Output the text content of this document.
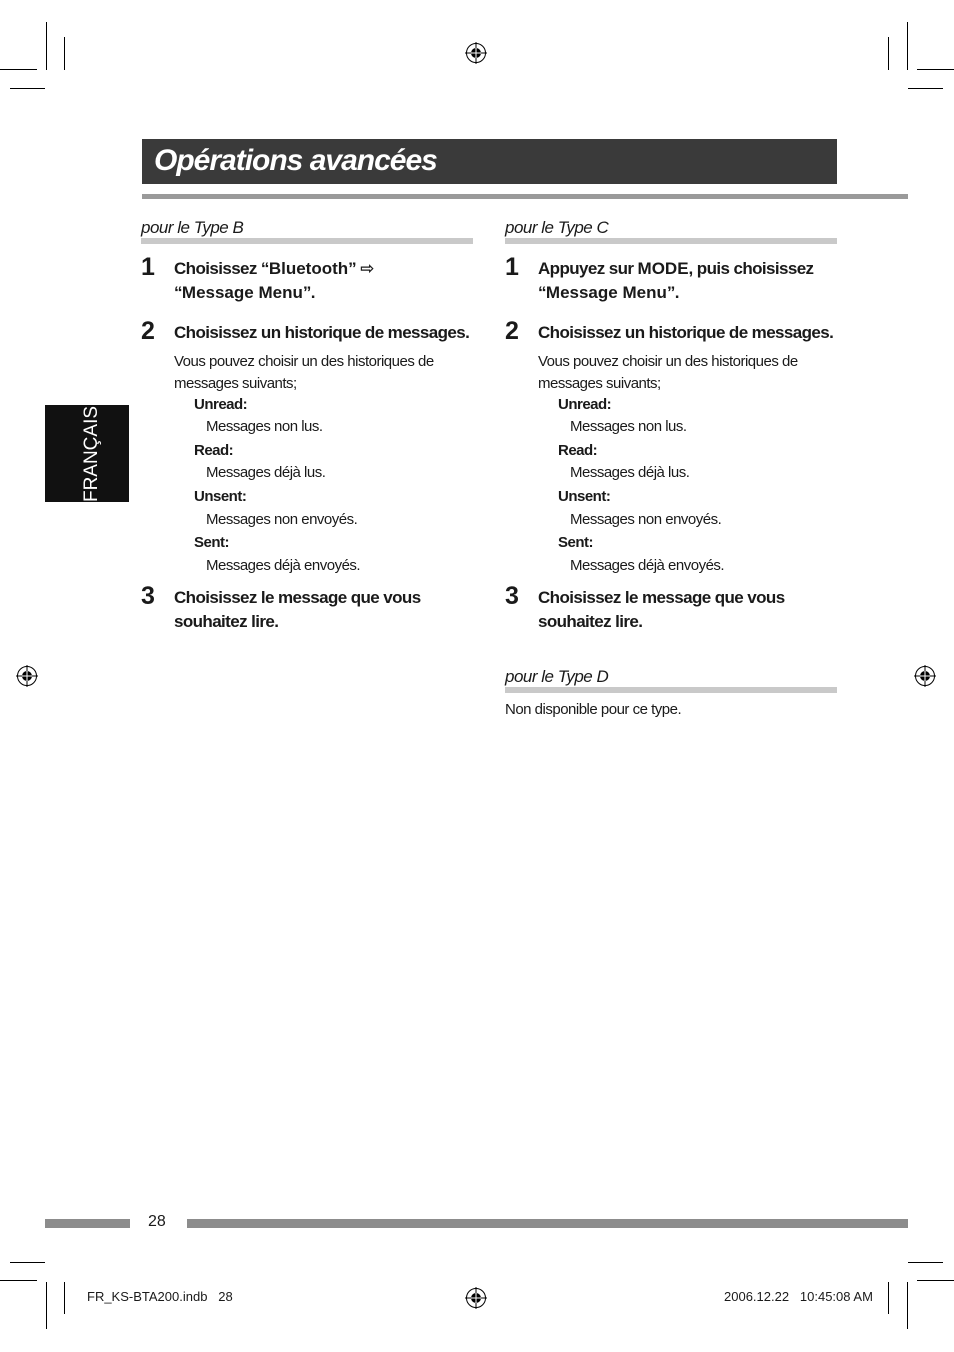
Opérations avancées
FRANÇAIS
pour le Type B
1 Choisissez “Bluetooth” ⇨
“Message Menu”.
2 Choisissez un historique de messages.
Vous pouvez choisir un des historiques de
messages suivants;
Unread:
Messages non lus.
Read:
Messages déjà lus.
Unsent:
Messages non envoyés.
Sent:
Messages déjà envoyés.
3 Choisissez le message que vous
souhaitez lire.
pour le Type C
1 Appuyez sur MODE, puis choisissez
“Message Menu”.
2 Choisissez un historique de messages.
Vous pouvez choisir un des historiques de
messages suivants;
Unread:
Messages non lus.
Read:
Messages déjà lus.
Unsent:
Messages non envoyés.
Sent:
Messages déjà envoyés.
3 Choisissez le message que vous
souhaitez lire.
pour le Type D
Non disponible pour ce type.
28
FR_KS-BTA200.indb   28	2006.12.22   10:45:08 AM
